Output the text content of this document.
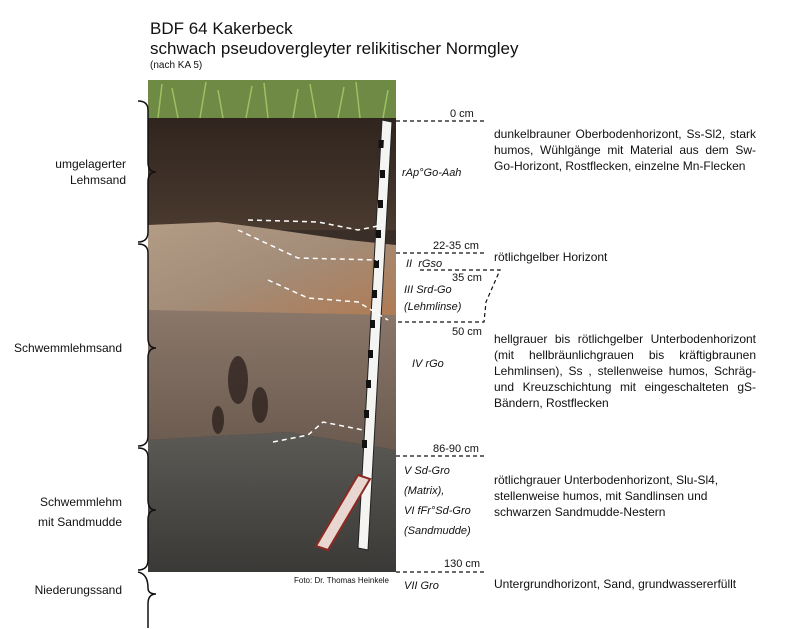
BDF 64 Kakerbeck
schwach pseudovergleyter relikitischer Normgley
(nach KA 5)
umgelagerter
Lehmsand
Schwemmlehmsand
Schwemmlehm
mit Sandmudde
Niederungssand
0 cm
22-35 cm
35 cm
50 cm
86-90 cm
130 cm
rAp°Go-Aah
II  rGso
III Srd-Go
(Lehmlinse)
IV rGo
V Sd-Gro

(Matrix),

VI fFr°Sd-Gro

(Sandmudde)
VII Gro
dunkelbrauner Oberbodenhorizont, Ss-Sl2, stark humos, Wühlgänge mit Material aus dem Sw-Go-Horizont, Rostflecken, einzelne Mn-Flecken
rötlichgelber Horizont
hellgrauer bis rötlichgelber Unterbodenhorizont (mit hellbräunlichgrauen bis kräftigbraunen Lehmlinsen), Ss , stellenweise humos, Schräg- und Kreuzschichtung mit eingeschalteten gS-Bändern, Rostflecken
rötlichgrauer Unterbodenhorizont, Slu-Sl4, stellenweise humos, mit Sandlinsen und schwarzen Sandmudde-Nestern
Untergrundhorizont, Sand, grundwassererfüllt
Foto: Dr. Thomas Heinkele
